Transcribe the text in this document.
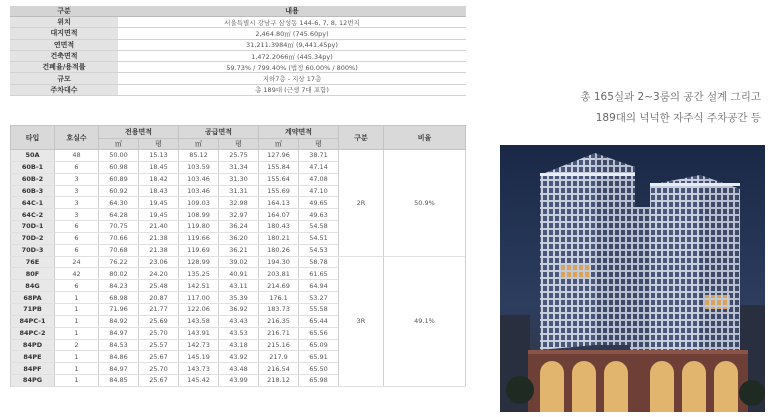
구분	내용
위치	서울특별시 강남구 삼성동 144-6, 7, 8, 12번지
대지면적	2,464.80㎡ (745.60py)
연면적	31,211.3984㎡ (9,441.45py)
건축면적	1,472.2066㎡ (445.34py)
건폐율/용적률	59.73% / 799.40% (법정 60.00% / 800%)
규모	지하7층 - 지상 17층
주차대수	총 189대 (근생 7대 포함)
타입	호실수	전용면적		공급면적		계약면적		구분	비율
		㎡	평	㎡	평	㎡	평		
50A	48	50.00	15.13	85.12	25.75	127.96	38.71	2R	50.9%
60B-1	6	60.98	18.45	103.59	31.34	155.84	47.14		
60B-2	3	60.89	18.42	103.46	31.30	155.64	47.08		
60B-3	3	60.92	18.43	103.46	31.31	155.69	47.10		
64C-1	3	64.30	19.45	109.03	32.98	164.13	49.65		
64C-2	3	64.28	19.45	108.99	32.97	164.07	49.63		
70D-1	6	70.75	21.40	119.80	36.24	180.43	54.58		
70D-2	6	70.66	21.38	119.66	36.20	180.21	54.51		
70D-3	6	70.68	21.38	119.69	36.21	180.26	54.53		
76E	24	76.22	23.06	128.99	39.02	194.30	58.78	3R	49.1%
80F	42	80.02	24.20	135.25	40.91	203.81	61.65		
84G	6	84.23	25.48	142.51	43.11	214.69	64.94		
68PA	1	68.98	20.87	117.00	35.39	176.1	53.27		
71PB	1	71.96	21.77	122.06	36.92	183.73	55.58		
84PC-1	1	84.92	25.69	143.58	43.43	216.35	65.44		
84PC-2	1	84.97	25.70	143.91	43.53	216.71	65.56		
84PD	2	84.53	25.57	142.73	43.18	215.16	65.09		
84PE	1	84.86	25.67	145.19	43.92	217.9	65.91		
84PF	1	84.97	25.70	143.73	43.48	216.54	65.50		
84PG	1	84.85	25.67	145.42	43.99	218.12	65.98		
총 165실과 2~3룸의 공간 설계 그리고
189대의 넉넉한 자주식 주차공간 등
